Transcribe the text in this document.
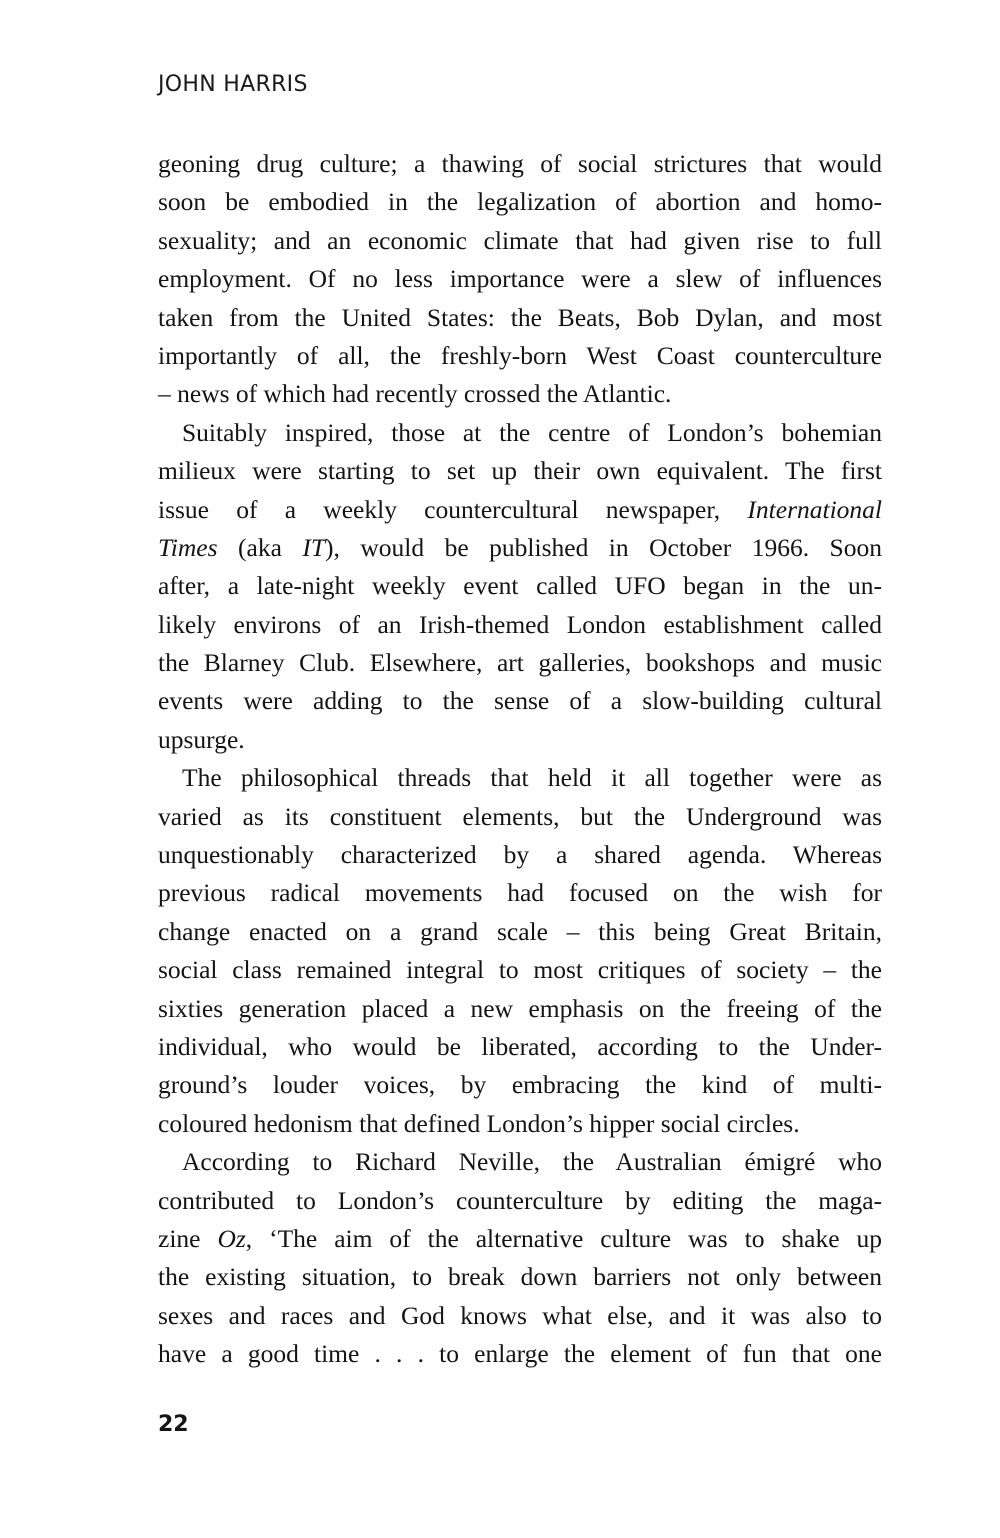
JOHN HARRIS
geoning drug culture; a thawing of social strictures that would
soon be embodied in the legalization of abortion and homo-
sexuality; and an economic climate that had given rise to full
employment. Of no less importance were a slew of influences
taken from the United States: the Beats, Bob Dylan, and most
importantly of all, the freshly-born West Coast counterculture
– news of which had recently crossed the Atlantic.
Suitably inspired, those at the centre of London’s bohemian
milieux were starting to set up their own equivalent. The first
issue of a weekly countercultural newspaper, International
Times (aka IT), would be published in October 1966. Soon
after, a late-night weekly event called UFO began in the un-
likely environs of an Irish-themed London establishment called
the Blarney Club. Elsewhere, art galleries, bookshops and music
events were adding to the sense of a slow-building cultural
upsurge.
The philosophical threads that held it all together were as
varied as its constituent elements, but the Underground was
unquestionably characterized by a shared agenda. Whereas
previous radical movements had focused on the wish for
change enacted on a grand scale – this being Great Britain,
social class remained integral to most critiques of society – the
sixties generation placed a new emphasis on the freeing of the
individual, who would be liberated, according to the Under-
ground’s louder voices, by embracing the kind of multi-
coloured hedonism that defined London’s hipper social circles.
According to Richard Neville, the Australian émigré who
contributed to London’s counterculture by editing the maga-
zine Oz, ‘The aim of the alternative culture was to shake up
the existing situation, to break down barriers not only between
sexes and races and God knows what else, and it was also to
have a good time . . . to enlarge the element of fun that one
22
